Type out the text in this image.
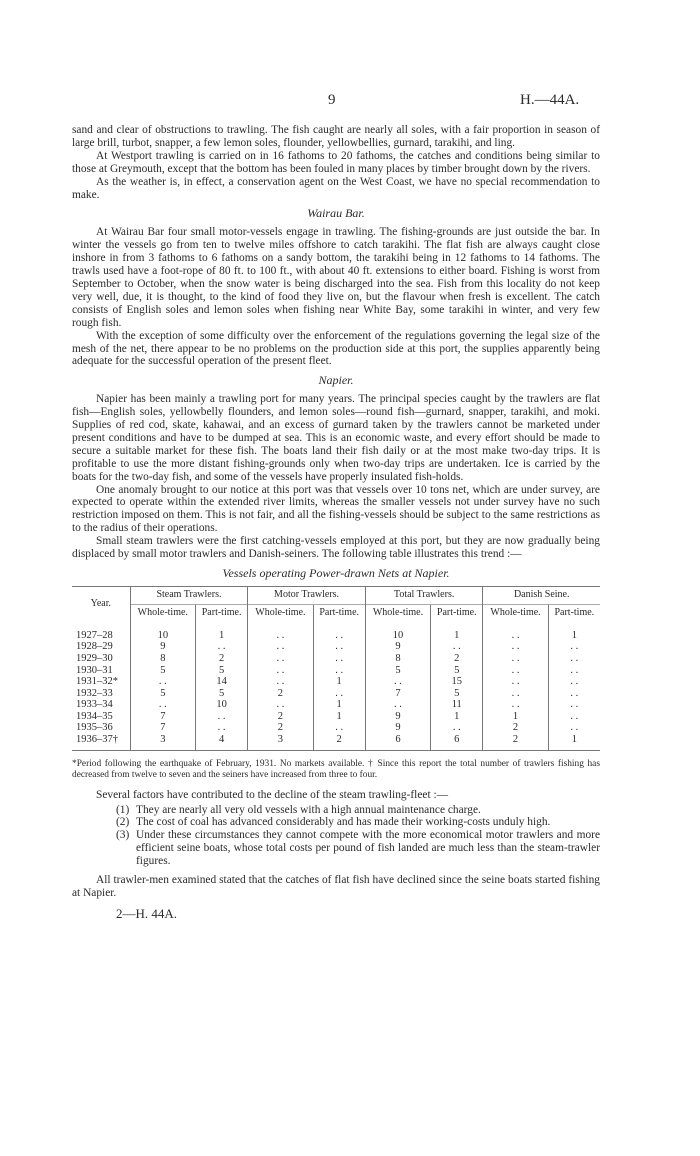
9	H.—44A.

sand and clear of obstructions to trawling. The fish caught are nearly all soles, with a fair proportion in season of large brill, turbot, snapper, a few lemon soles, flounder, yellowbellies, gurnard, tarakihi, and ling.

At Westport trawling is carried on in 16 fathoms to 20 fathoms, the catches and conditions being similar to those at Greymouth, except that the bottom has been fouled in many places by timber brought down by the rivers.

As the weather is, in effect, a conservation agent on the West Coast, we have no special recommendation to make.

Wairau Bar.

At Wairau Bar four small motor-vessels engage in trawling. The fishing-grounds are just outside the bar. In winter the vessels go from ten to twelve miles offshore to catch tarakihi. The flat fish are always caught close inshore in from 3 fathoms to 6 fathoms on a sandy bottom, the tarakihi being in 12 fathoms to 14 fathoms. The trawls used have a foot-rope of 80 ft. to 100 ft., with about 40 ft. extensions to either board. Fishing is worst from September to October, when the snow water is being discharged into the sea. Fish from this locality do not keep very well, due, it is thought, to the kind of food they live on, but the flavour when fresh is excellent. The catch consists of English soles and lemon soles when fishing near White Bay, some tarakihi in winter, and very few rough fish.

With the exception of some difficulty over the enforcement of the regulations governing the legal size of the mesh of the net, there appear to be no problems on the production side at this port, the supplies apparently being adequate for the successful operation of the present fleet.

Napier.

Napier has been mainly a trawling port for many years. The principal species caught by the trawlers are flat fish—English soles, yellowbelly flounders, and lemon soles—round fish—gurnard, snapper, tarakihi, and moki. Supplies of red cod, skate, kahawai, and an excess of gurnard taken by the trawlers cannot be marketed under present conditions and have to be dumped at sea. This is an economic waste, and every effort should be made to secure a suitable market for these fish. The boats land their fish daily or at the most make two-day trips. It is profitable to use the more distant fishing-grounds only when two-day trips are undertaken. Ice is carried by the boats for the two-day fish, and some of the vessels have properly insulated fish-holds.

One anomaly brought to our notice at this port was that vessels over 10 tons net, which are under survey, are expected to operate within the extended river limits, whereas the smaller vessels not under survey have no such restriction imposed on them. This is not fair, and all the fishing-vessels should be subject to the same restrictions as to the radius of their operations.

Small steam trawlers were the first catching-vessels employed at this port, but they are now gradually being displaced by small motor trawlers and Danish-seiners. The following table illustrates this trend :—

Vessels operating Power-drawn Nets at Napier.
Year.	Steam Trawlers.		Motor Trawlers.		Total Trawlers.		Danish Seine.	
	Whole-time.	Part-time.	Whole-time.	Part-time.	Whole-time.	Part-time.	Whole-time.	Part-time.

1927–28	10	1	. .	. .	10	1	. .	1
1928–29	9	. .	. .	. .	9	. .	. .	. .
1929–30	8	2	. .	. .	8	2	. .	. .
1930–31	5	5	. .	. .	5	5	. .	. .
1931–32*	. .	14	. .	1	. .	15	. .	. .
1932–33	5	5	2	. .	7	5	. .	. .
1933–34	. .	10	. .	1	. .	11	. .	. .
1934–35	7	. .	2	1	9	1	1	. .
1935–36	7	. .	2	. .	9	. .	2	. .
1936–37†	3	4	3	2	6	6	2	1
*Period following the earthquake of February, 1931. No markets available. † Since this report the total number of trawlers fishing has decreased from twelve to seven and the seiners have increased from three to four.

Several factors have contributed to the decline of the steam trawling-fleet :—

(1) They are nearly all very old vessels with a high annual maintenance charge.
(2) The cost of coal has advanced considerably and has made their working-costs unduly high.
(3) Under these circumstances they cannot compete with the more economical motor trawlers and more efficient seine boats, whose total costs per pound of fish landed are much less than the steam-trawler figures.

All trawler-men examined stated that the catches of flat fish have declined since the seine boats started fishing at Napier.

2—H. 44A.
